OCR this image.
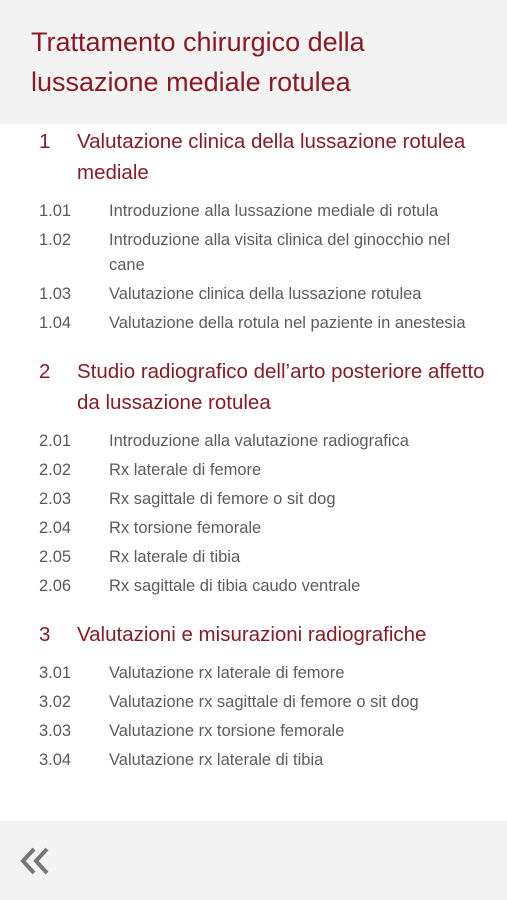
Trattamento chirurgico della lussazione mediale rotulea
1	Valutazione clinica della lussazione rotulea mediale
1.01	Introduzione alla lussazione mediale di rotula
1.02	Introduzione alla visita clinica del ginocchio nel cane
1.03	Valutazione clinica della lussazione rotulea
1.04	Valutazione della rotula nel paziente in anestesia
2	Studio radiografico dell’arto posteriore affetto da lussazione rotulea
2.01	Introduzione alla valutazione radiografica
2.02	Rx laterale di femore
2.03	Rx sagittale di femore o sit dog
2.04	Rx torsione femorale
2.05	Rx laterale di tibia
2.06	Rx sagittale di tibia caudo ventrale
3	Valutazioni e misurazioni radiografiche
3.01	Valutazione rx laterale di femore
3.02	Valutazione rx sagittale di femore o sit dog
3.03	Valutazione rx torsione femorale
3.04	Valutazione rx laterale di tibia
